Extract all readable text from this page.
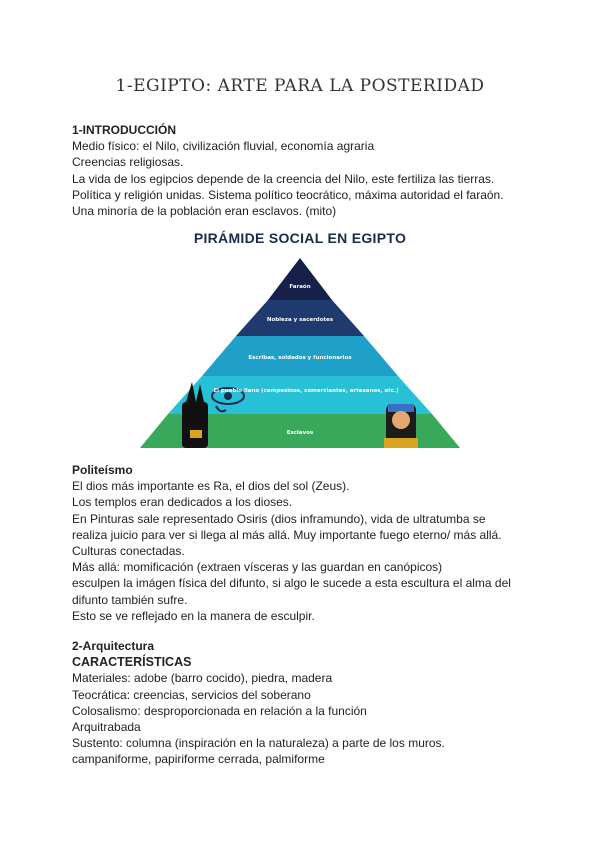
1-EGIPTO: ARTE PARA LA POSTERIDAD
1-INTRODUCCIÓN
Medio físico: el Nilo, civilización fluvial, economía agraria
Creencias religiosas.
La vida de los egipcios depende de la creencia del Nilo, este fertiliza las tierras.
Política y religión unidas. Sistema político teocrático, máxima autoridad el faraón.
Una minoría de la población eran esclavos. (mito)
PIRÁMIDE SOCIAL EN EGIPTO
Faraón
Nobleza y sacerdotes
Escribas, soldados y funcionarios
El pueblo llano (campesinos, comerciantes, artesanos, etc.)
Esclavos
Politeísmo
El dios más importante es Ra, el dios del sol (Zeus).
Los templos eran dedicados a los dioses.
En Pinturas sale representado Osiris (dios inframundo), vida de ultratumba se
realiza juicio para ver si llega al más allá. Muy importante fuego eterno/ más allá.
Culturas conectadas.
Más allá: momificación (extraen vísceras y las guardan en canópicos)
esculpen la imágen física del difunto, si algo le sucede a esta escultura el alma del
difunto también sufre.
Esto se ve reflejado en la manera de esculpir.
2-Arquitectura
CARACTERÍSTICAS
Materiales: adobe (barro cocido), piedra, madera
Teocrática: creencias, servicios del soberano
Colosalismo: desproporcionada en relación a la función
Arquitrabada
Sustento: columna (inspiración en la naturaleza) a parte de los muros.
campaniforme, papiriforme cerrada, palmiforme
